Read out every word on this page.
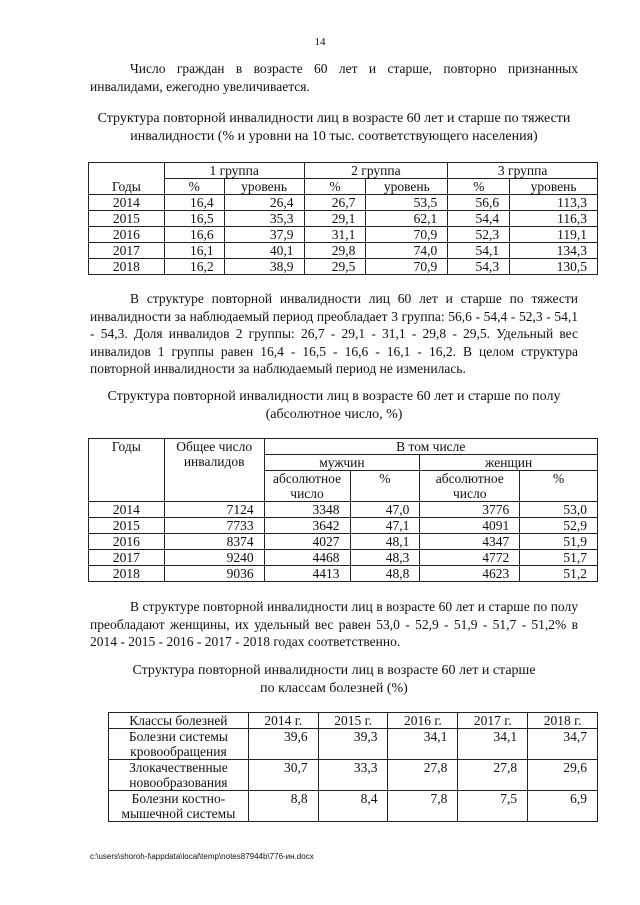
14

Число граждан в возрасте 60 лет и старше, повторно признанных инвалидами, ежегодно увеличивается.

Структура повторной инвалидности лиц в возрасте 60 лет и старше по тяжести
инвалидности (% и уровни на 10 тыс. соответствующего населения)
Годы	1 группа		2 группа		3 группа	
	%	уровень	%	уровень	%	уровень
2014	16,4	26,4	26,7	53,5	56,6	113,3
2015	16,5	35,3	29,1	62,1	54,4	116,3
2016	16,6	37,9	31,1	70,9	52,3	119,1
2017	16,1	40,1	29,8	74,0	54,1	134,3
2018	16,2	38,9	29,5	70,9	54,3	130,5

В структуре повторной инвалидности лиц 60 лет и старше по тяжести инвалидности за наблюдаемый период преобладает 3 группа: 56,6 - 54,4 - 52,3 - 54,1 - 54,3. Доля инвалидов 2 группы: 26,7 - 29,1 - 31,1 - 29,8 - 29,5. Удельный вес инвалидов 1 группы равен 16,4 - 16,5 - 16,6 - 16,1 - 16,2. В целом структура повторной инвалидности за наблюдаемый период не изменилась.

Структура повторной инвалидности лиц в возрасте 60 лет и старше по полу
(абсолютное число, %)
Годы	Общее число инвалидов	В том числе			
		мужчин		женщин	
		абсолютное число	%	абсолютное число	%
2014	7124	3348	47,0	3776	53,0
2015	7733	3642	47,1	4091	52,9
2016	8374	4027	48,1	4347	51,9
2017	9240	4468	48,3	4772	51,7
2018	9036	4413	48,8	4623	51,2

В структуре повторной инвалидности лиц в возрасте 60 лет и старше по полу преобладают женщины, их удельный вес равен 53,0 - 52,9 - 51,9 - 51,7 - 51,2% в 2014 - 2015 - 2016 - 2017 - 2018 годах соответственно.

Структура повторной инвалидности лиц в возрасте 60 лет и старше
по классам болезней (%)
Классы болезней	2014 г.	2015 г.	2016 г.	2017 г.	2018 г.
Болезни системы кровообращения	39,6	39,3	34,1	34,1	34,7
Злокачественные новообразования	30,7	33,3	27,8	27,8	29,6
Болезни костно-мышечной системы	8,8	8,4	7,8	7,5	6,9
c:\users\shoroh-l\appdata\local\temp\notes87944b\776-ин.docx
